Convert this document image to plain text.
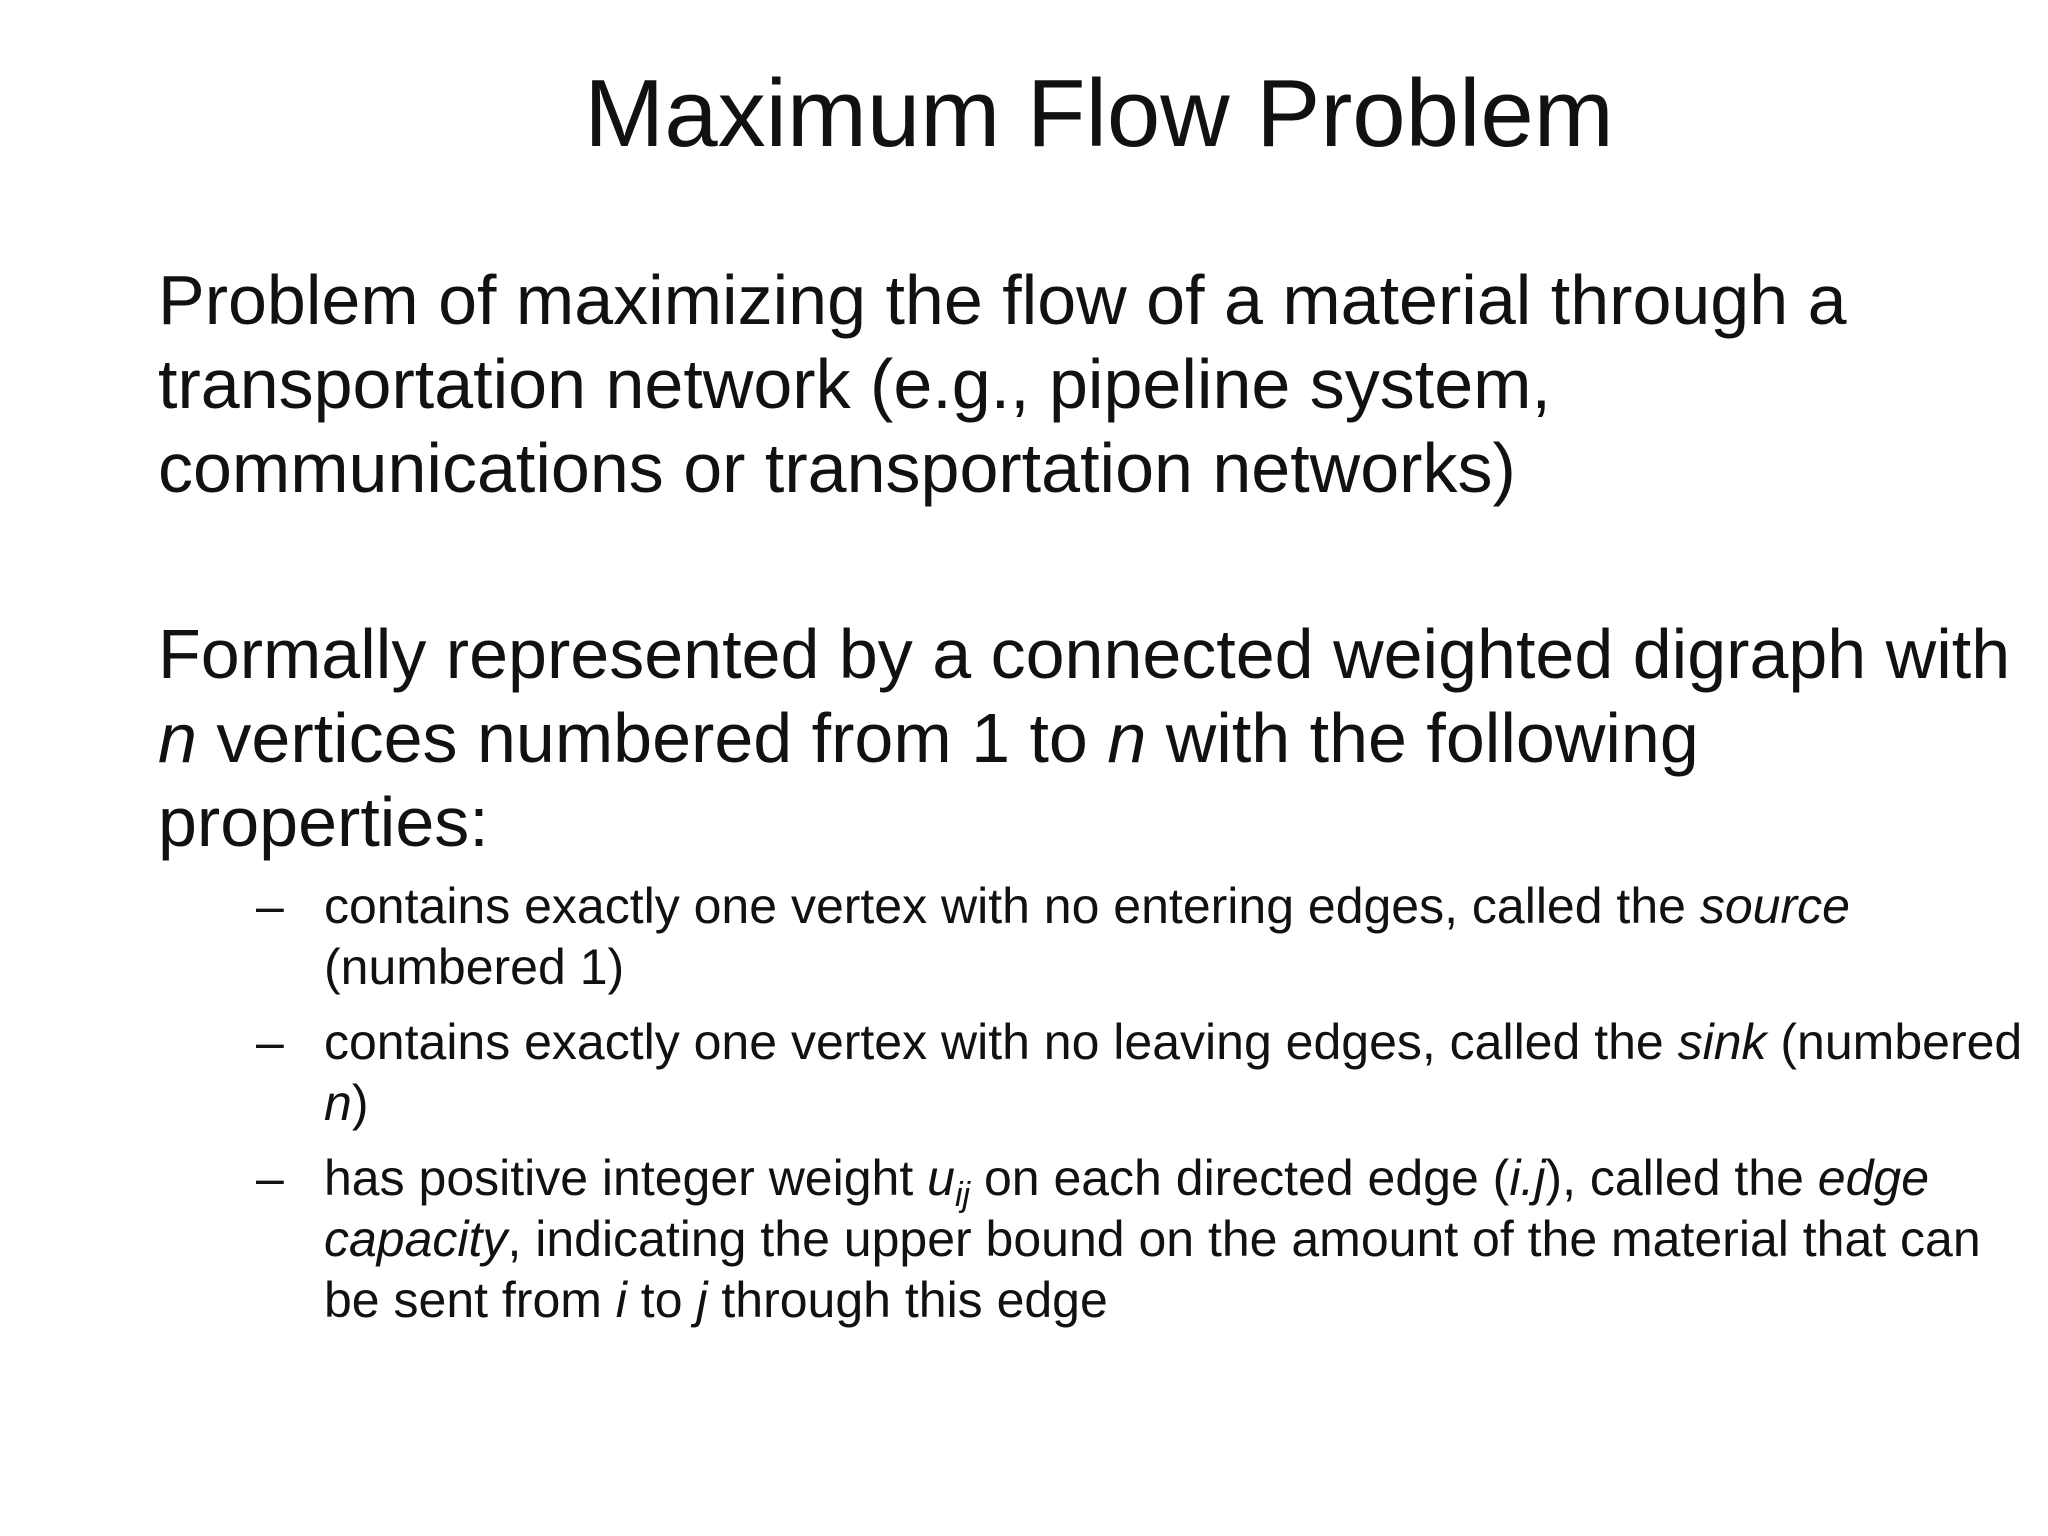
Maximum Flow Problem

Problem of maximizing the flow of a material through a transportation network (e.g., pipeline system, communications or transportation networks)

Formally represented by a connected weighted digraph with n vertices numbered from 1 to n with the following properties:

– contains exactly one vertex with no entering edges, called the source (numbered 1)
– contains exactly one vertex with no leaving edges, called the sink (numbered n)
– has positive integer weight $u_{ij}$ on each directed edge (i.j), called the edge capacity, indicating the upper bound on the amount of the material that can be sent from i to j through this edge
